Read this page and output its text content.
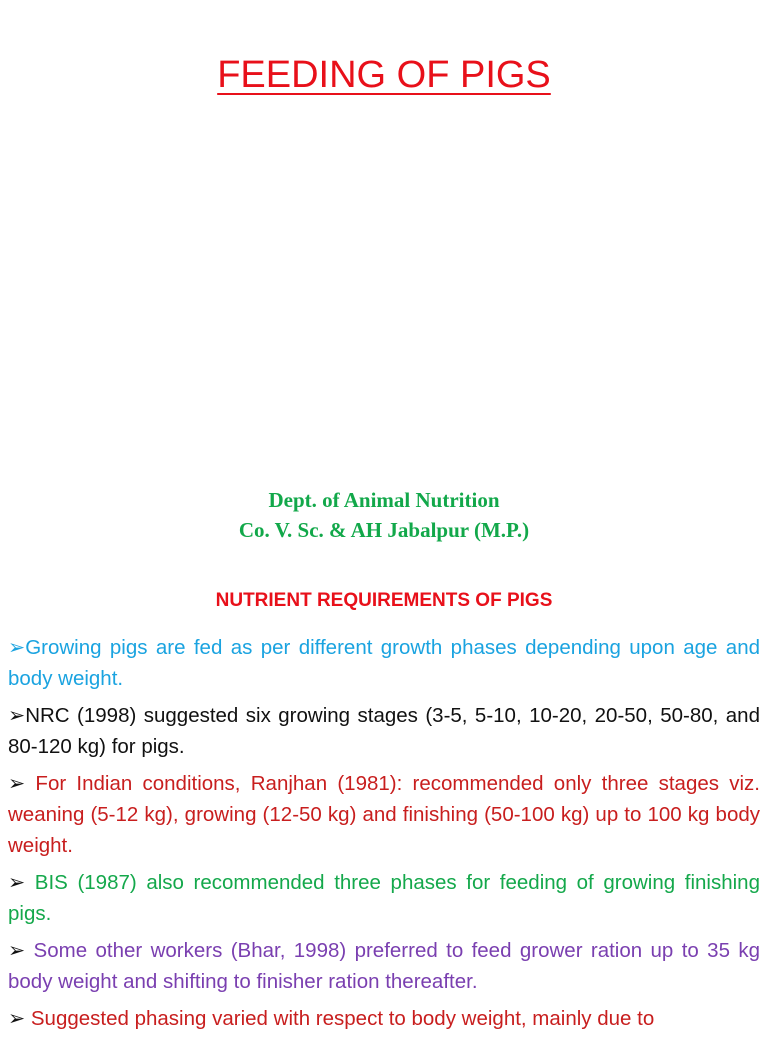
FEEDING OF PIGS
Dept. of Animal Nutrition
Co. V. Sc. & AH Jabalpur (M.P.)
NUTRIENT REQUIREMENTS OF PIGS

➢Growing pigs are fed as per different growth phases depending upon age and body weight.

➢NRC (1998) suggested six growing stages (3-5, 5-10, 10-20, 20-50, 50-80, and 80-120 kg) for pigs.

➢ For Indian conditions, Ranjhan (1981): recommended only three stages viz. weaning (5-12 kg), growing (12-50 kg) and finishing (50-100 kg) up to 100 kg body weight.

➢ BIS (1987) also recommended three phases for feeding of growing finishing pigs.

➢ Some other workers (Bhar, 1998) preferred to feed grower ration up to 35 kg body weight and shifting to finisher ration thereafter.

➢ Suggested phasing varied with respect to body weight, mainly due to
